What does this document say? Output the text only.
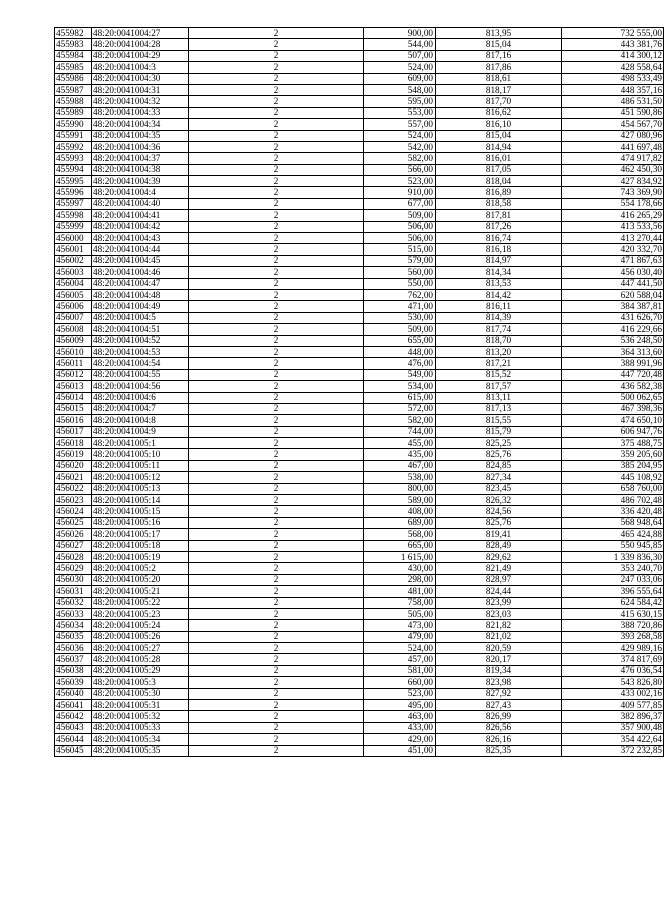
455982	48:20:0041004:27	2	900,00	813,95	732 555,00
455983	48:20:0041004:28	2	544,00	815,04	443 381,76
455984	48:20:0041004:29	2	507,00	817,16	414 300,12
455985	48:20:0041004:3	2	524,00	817,86	428 558,64
455986	48:20:0041004:30	2	609,00	818,61	498 533,49
455987	48:20:0041004:31	2	548,00	818,17	448 357,16
455988	48:20:0041004:32	2	595,00	817,70	486 531,50
455989	48:20:0041004:33	2	553,00	816,62	451 590,86
455990	48:20:0041004:34	2	557,00	816,10	454 567,70
455991	48:20:0041004:35	2	524,00	815,04	427 080,96
455992	48:20:0041004:36	2	542,00	814,94	441 697,48
455993	48:20:0041004:37	2	582,00	816,01	474 917,82
455994	48:20:0041004:38	2	566,00	817,05	462 450,30
455995	48:20:0041004:39	2	523,00	818,04	427 834,92
455996	48:20:0041004:4	2	910,00	816,89	743 369,90
455997	48:20:0041004:40	2	677,00	818,58	554 178,66
455998	48:20:0041004:41	2	509,00	817,81	416 265,29
455999	48:20:0041004:42	2	506,00	817,26	413 533,56
456000	48:20:0041004:43	2	506,00	816,74	413 270,44
456001	48:20:0041004:44	2	515,00	816,18	420 332,70
456002	48:20:0041004:45	2	579,00	814,97	471 867,63
456003	48:20:0041004:46	2	560,00	814,34	456 030,40
456004	48:20:0041004:47	2	550,00	813,53	447 441,50
456005	48:20:0041004:48	2	762,00	814,42	620 588,04
456006	48:20:0041004:49	2	471,00	816,11	384 387,81
456007	48:20:0041004:5	2	530,00	814,39	431 626,70
456008	48:20:0041004:51	2	509,00	817,74	416 229,66
456009	48:20:0041004:52	2	655,00	818,70	536 248,50
456010	48:20:0041004:53	2	448,00	813,20	364 313,60
456011	48:20:0041004:54	2	476,00	817,21	388 991,96
456012	48:20:0041004:55	2	549,00	815,52	447 720,48
456013	48:20:0041004:56	2	534,00	817,57	436 582,38
456014	48:20:0041004:6	2	615,00	813,11	500 062,65
456015	48:20:0041004:7	2	572,00	817,13	467 398,36
456016	48:20:0041004:8	2	582,00	815,55	474 650,10
456017	48:20:0041004:9	2	744,00	815,79	606 947,76
456018	48:20:0041005:1	2	455,00	825,25	375 488,75
456019	48:20:0041005:10	2	435,00	825,76	359 205,60
456020	48:20:0041005:11	2	467,00	824,85	385 204,95
456021	48:20:0041005:12	2	538,00	827,34	445 108,92
456022	48:20:0041005:13	2	800,00	823,45	658 760,00
456023	48:20:0041005:14	2	589,00	826,32	486 702,48
456024	48:20:0041005:15	2	408,00	824,56	336 420,48
456025	48:20:0041005:16	2	689,00	825,76	568 948,64
456026	48:20:0041005:17	2	568,00	819,41	465 424,88
456027	48:20:0041005:18	2	665,00	828,49	550 945,85
456028	48:20:0041005:19	2	1 615,00	829,62	1 339 836,30
456029	48:20:0041005:2	2	430,00	821,49	353 240,70
456030	48:20:0041005:20	2	298,00	828,97	247 033,06
456031	48:20:0041005:21	2	481,00	824,44	396 555,64
456032	48:20:0041005:22	2	758,00	823,99	624 584,42
456033	48:20:0041005:23	2	505,00	823,03	415 630,15
456034	48:20:0041005:24	2	473,00	821,82	388 720,86
456035	48:20:0041005:26	2	479,00	821,02	393 268,58
456036	48:20:0041005:27	2	524,00	820,59	429 989,16
456037	48:20:0041005:28	2	457,00	820,17	374 817,69
456038	48:20:0041005:29	2	581,00	819,34	476 036,54
456039	48:20:0041005:3	2	660,00	823,98	543 826,80
456040	48:20:0041005:30	2	523,00	827,92	433 002,16
456041	48:20:0041005:31	2	495,00	827,43	409 577,85
456042	48:20:0041005:32	2	463,00	826,99	382 896,37
456043	48:20:0041005:33	2	433,00	826,56	357 900,48
456044	48:20:0041005:34	2	429,00	826,16	354 422,64
456045	48:20:0041005:35	2	451,00	825,35	372 232,85
